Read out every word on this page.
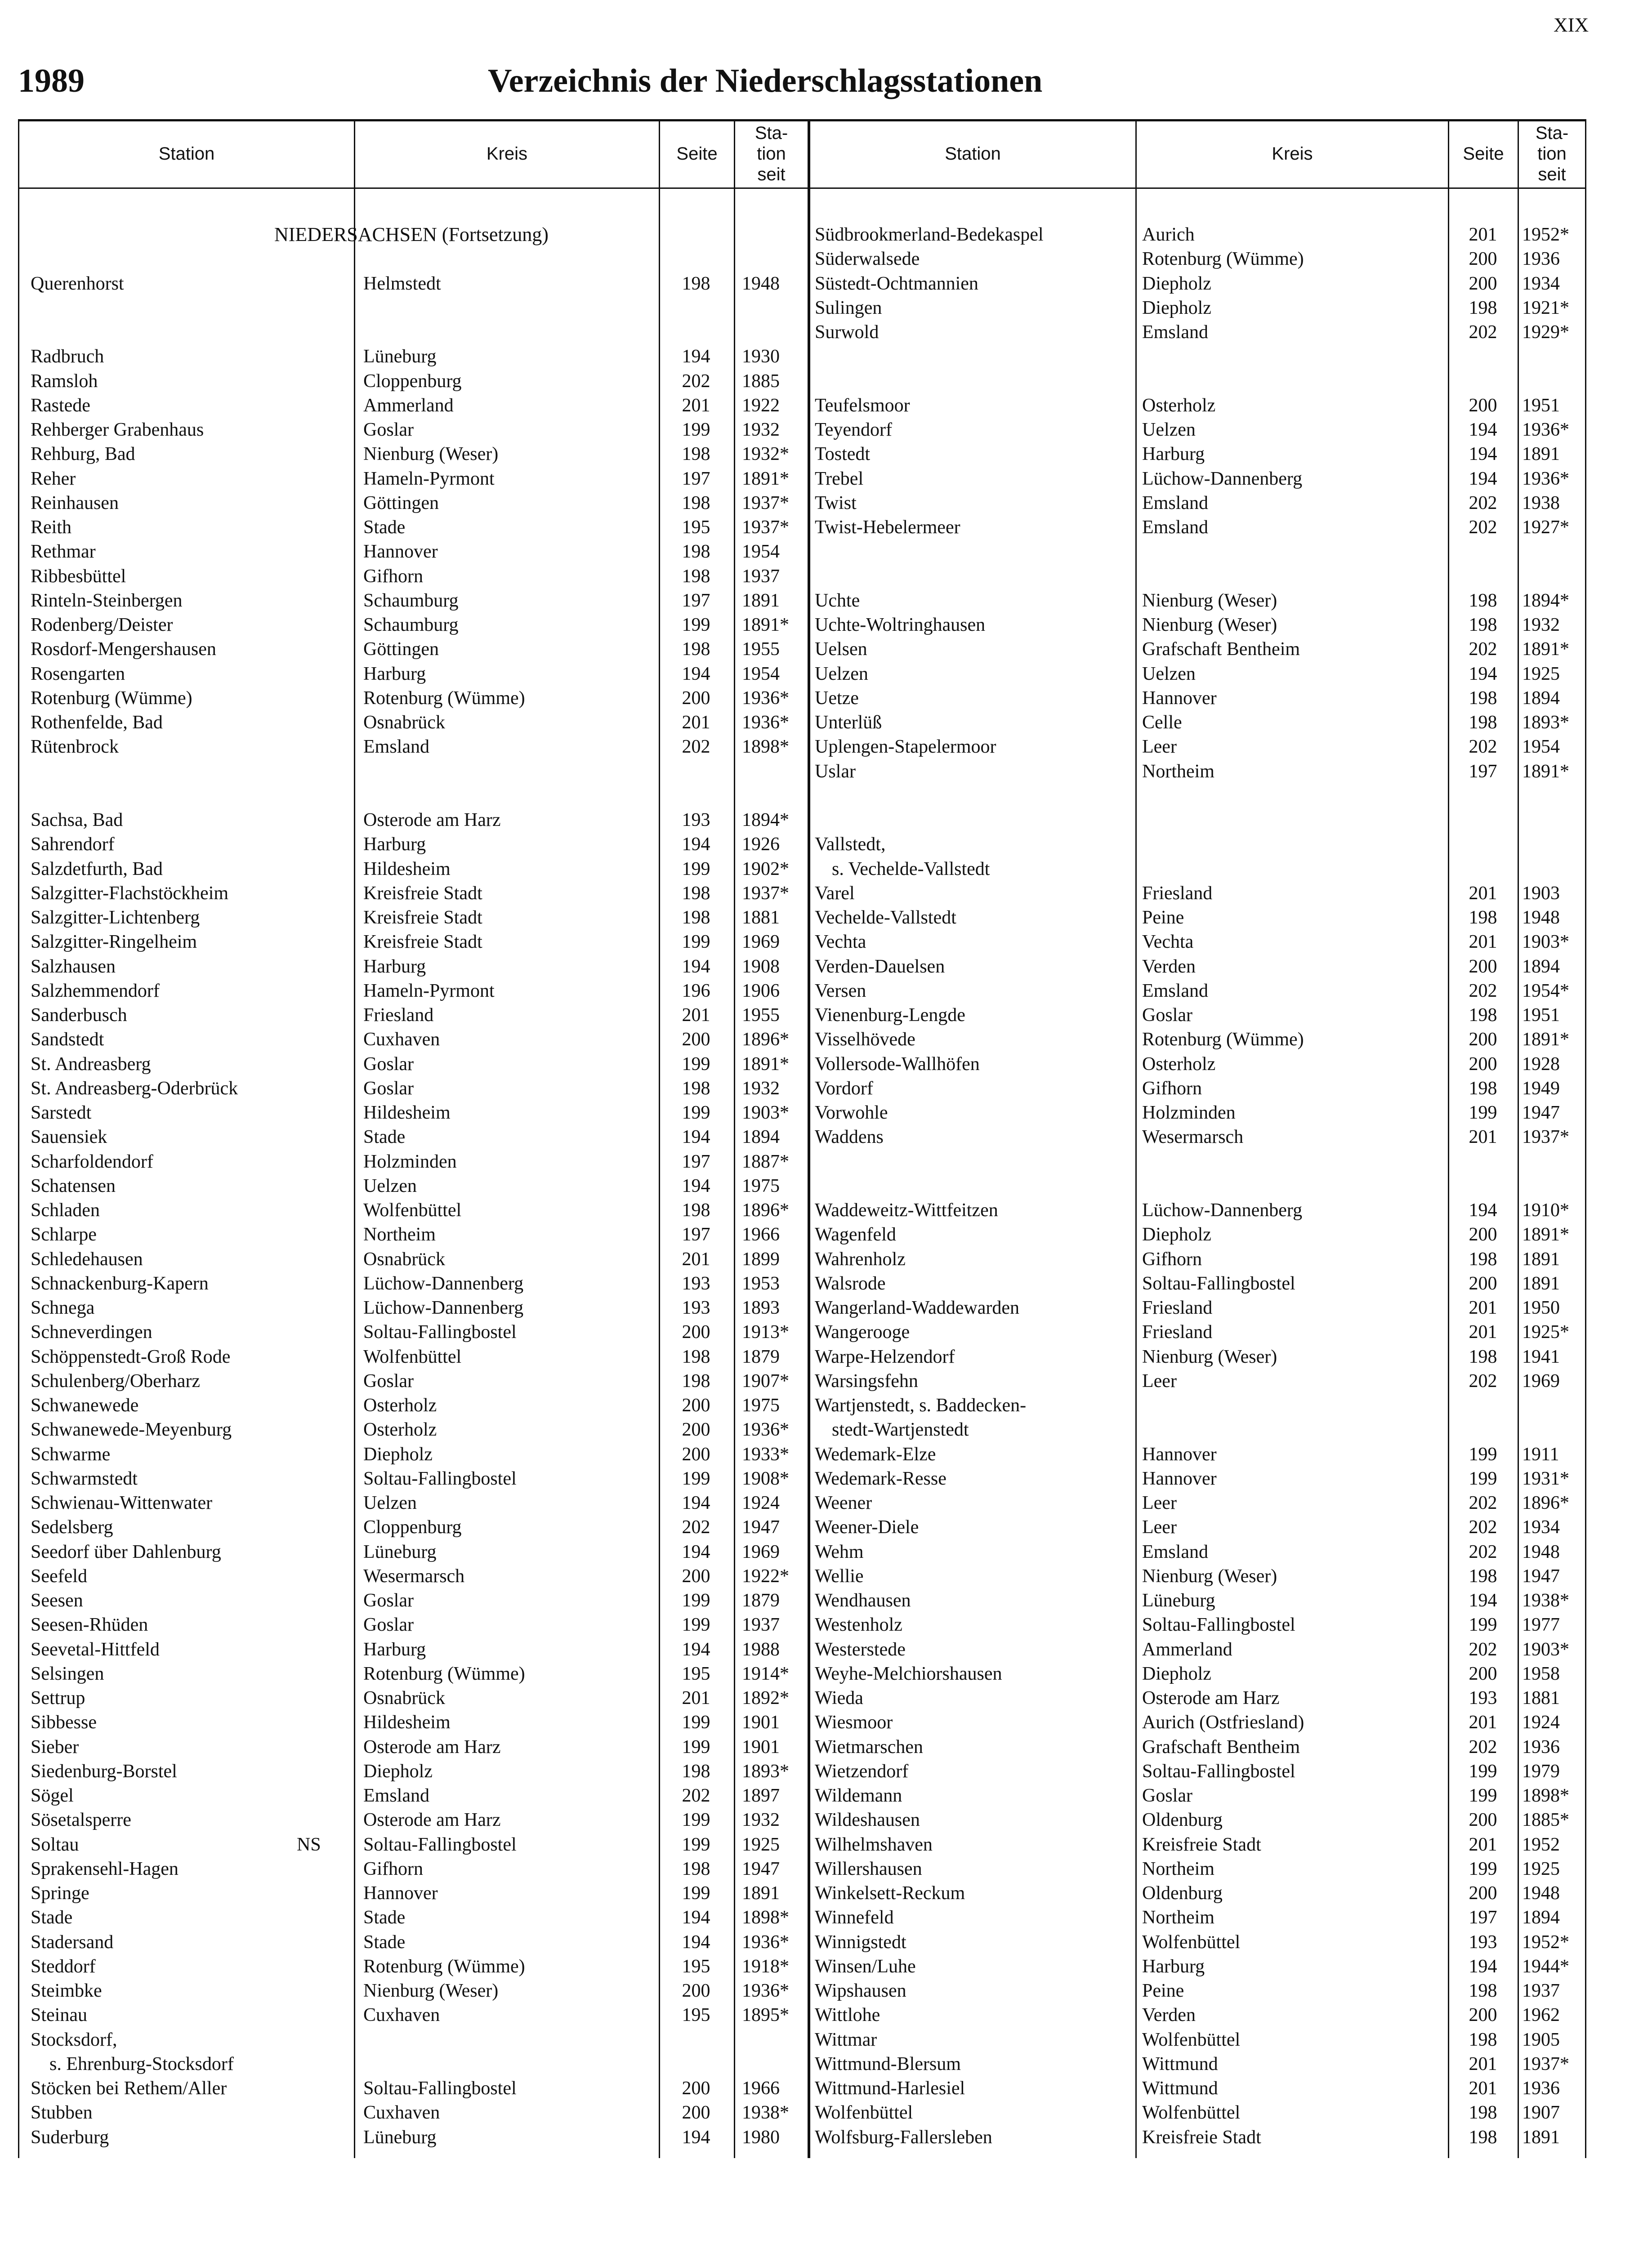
XIX
1989	Verzeichnis der Niederschlagsstationen
Station	Kreis	Seite
Sta-
tion
seit
Station	Kreis	Seite
Sta-
tion
seit
NIEDERSACHSEN (Fortsetzung)
Querenhorst	Helmstedt	198	1948
Radbruch	Lüneburg	194	1930
Ramsloh	Cloppenburg	202	1885
Rastede	Ammerland	201	1922
Rehberger Grabenhaus	Goslar	199	1932
Rehburg, Bad	Nienburg (Weser)	198	1932*
Reher	Hameln-Pyrmont	197	1891*
Reinhausen	Göttingen	198	1937*
Reith	Stade	195	1937*
Rethmar	Hannover	198	1954
Ribbesbüttel	Gifhorn	198	1937
Rinteln-Steinbergen	Schaumburg	197	1891
Rodenberg/Deister	Schaumburg	199	1891*
Rosdorf-Mengershausen	Göttingen	198	1955
Rosengarten	Harburg	194	1954
Rotenburg (Wümme)	Rotenburg (Wümme)	200	1936*
Rothenfelde, Bad	Osnabrück	201	1936*
Rütenbrock	Emsland	202	1898*
Sachsa, Bad	Osterode am Harz	193	1894*
Sahrendorf	Harburg	194	1926
Salzdetfurth, Bad	Hildesheim	199	1902*
Salzgitter-Flachstöckheim	Kreisfreie Stadt	198	1937*
Salzgitter-Lichtenberg	Kreisfreie Stadt	198	1881
Salzgitter-Ringelheim	Kreisfreie Stadt	199	1969
Salzhausen	Harburg	194	1908
Salzhemmendorf	Hameln-Pyrmont	196	1906
Sanderbusch	Friesland	201	1955
Sandstedt	Cuxhaven	200	1896*
St. Andreasberg	Goslar	199	1891*
St. Andreasberg-Oderbrück	Goslar	198	1932
Sarstedt	Hildesheim	199	1903*
Sauensiek	Stade	194	1894
Scharfoldendorf	Holzminden	197	1887*
Schatensen	Uelzen	194	1975
Schladen	Wolfenbüttel	198	1896*
Schlarpe	Northeim	197	1966
Schledehausen	Osnabrück	201	1899
Schnackenburg-Kapern	Lüchow-Dannenberg	193	1953
Schnega	Lüchow-Dannenberg	193	1893
Schneverdingen	Soltau-Fallingbostel	200	1913*
Schöppenstedt-Groß Rode	Wolfenbüttel	198	1879
Schulenberg/Oberharz	Goslar	198	1907*
Schwanewede	Osterholz	200	1975
Schwanewede-Meyenburg	Osterholz	200	1936*
Schwarme	Diepholz	200	1933*
Schwarmstedt	Soltau-Fallingbostel	199	1908*
Schwienau-Wittenwater	Uelzen	194	1924
Sedelsberg	Cloppenburg	202	1947
Seedorf über Dahlenburg	Lüneburg	194	1969
Seefeld	Wesermarsch	200	1922*
Seesen	Goslar	199	1879
Seesen-Rhüden	Goslar	199	1937
Seevetal-Hittfeld	Harburg	194	1988
Selsingen	Rotenburg (Wümme)	195	1914*
Settrup	Osnabrück	201	1892*
Sibbesse	Hildesheim	199	1901
Sieber	Osterode am Harz	199	1901
Siedenburg-Borstel	Diepholz	198	1893*
Sögel	Emsland	202	1897
Sösetalsperre	Osterode am Harz	199	1932
Soltau	NS Soltau-Fallingbostel	199	1925
Sprakensehl-Hagen	Gifhorn	198	1947
Springe	Hannover	199	1891
Stade	Stade	194	1898*
Stadersand	Stade	194	1936*
Steddorf	Rotenburg (Wümme)	195	1918*
Steimbke	Nienburg (Weser)	200	1936*
Steinau	Cuxhaven	195	1895*
Stocksdorf,
s. Ehrenburg-Stocksdorf
Stöcken bei Rethem/Aller	Soltau-Fallingbostel	200	1966
Stubben	Cuxhaven	200	1938*
Suderburg	Lüneburg	194	1980
Südbrookmerland-Bedekaspel	Aurich	201	1952*
Süderwalsede	Rotenburg (Wümme)	200	1936
Süstedt-Ochtmannien	Diepholz	200	1934
Sulingen	Diepholz	198	1921*
Surwold	Emsland	202	1929*
Teufelsmoor	Osterholz	200	1951
Teyendorf	Uelzen	194	1936*
Tostedt	Harburg	194	1891
Trebel	Lüchow-Dannenberg	194	1936*
Twist	Emsland	202	1938
Twist-Hebelermeer	Emsland	202	1927*
Uchte	Nienburg (Weser)	198	1894*
Uchte-Woltringhausen	Nienburg (Weser)	198	1932
Uelsen	Grafschaft Bentheim	202	1891*
Uelzen	Uelzen	194	1925
Uetze	Hannover	198	1894
Unterlüß	Celle	198	1893*
Uplengen-Stapelermoor	Leer	202	1954
Uslar	Northeim	197	1891*
Vallstedt,
s. Vechelde-Vallstedt
Varel	Friesland	201	1903
Vechelde-Vallstedt	Peine	198	1948
Vechta	Vechta	201	1903*
Verden-Dauelsen	Verden	200	1894
Versen	Emsland	202	1954*
Vienenburg-Lengde	Goslar	198	1951
Visselhövede	Rotenburg (Wümme)	200	1891*
Vollersode-Wallhöfen	Osterholz	200	1928
Vordorf	Gifhorn	198	1949
Vorwohle	Holzminden	199	1947
Waddens	Wesermarsch	201	1937*
Waddeweitz-Wittfeitzen	Lüchow-Dannenberg	194	1910*
Wagenfeld	Diepholz	200	1891*
Wahrenholz	Gifhorn	198	1891
Walsrode	Soltau-Fallingbostel	200	1891
Wangerland-Waddewarden	Friesland	201	1950
Wangerooge	Friesland	201	1925*
Warpe-Helzendorf	Nienburg (Weser)	198	1941
Warsingsfehn	Leer	202	1969
Wartjenstedt, s. Baddecken-
stedt-Wartjenstedt
Wedemark-Elze	Hannover	199	1911
Wedemark-Resse	Hannover	199	1931*
Weener	Leer	202	1896*
Weener-Diele	Leer	202	1934
Wehm	Emsland	202	1948
Wellie	Nienburg (Weser)	198	1947
Wendhausen	Lüneburg	194	1938*
Westenholz	Soltau-Fallingbostel	199	1977
Westerstede	Ammerland	202	1903*
Weyhe-Melchiorshausen	Diepholz	200	1958
Wieda	Osterode am Harz	193	1881
Wiesmoor	Aurich (Ostfriesland)	201	1924
Wietmarschen	Grafschaft Bentheim	202	1936
Wietzendorf	Soltau-Fallingbostel	199	1979
Wildemann	Goslar	199	1898*
Wildeshausen	Oldenburg	200	1885*
Wilhelmshaven	Kreisfreie Stadt	201	1952
Willershausen	Northeim	199	1925
Winkelsett-Reckum	Oldenburg	200	1948
Winnefeld	Northeim	197	1894
Winnigstedt	Wolfenbüttel	193	1952*
Winsen/Luhe	Harburg	194	1944*
Wipshausen	Peine	198	1937
Wittlohe	Verden	200	1962
Wittmar	Wolfenbüttel	198	1905
Wittmund-Blersum	Wittmund	201	1937*
Wittmund-Harlesiel	Wittmund	201	1936
Wolfenbüttel	Wolfenbüttel	198	1907
Wolfsburg-Fallersleben	Kreisfreie Stadt	198	1891
